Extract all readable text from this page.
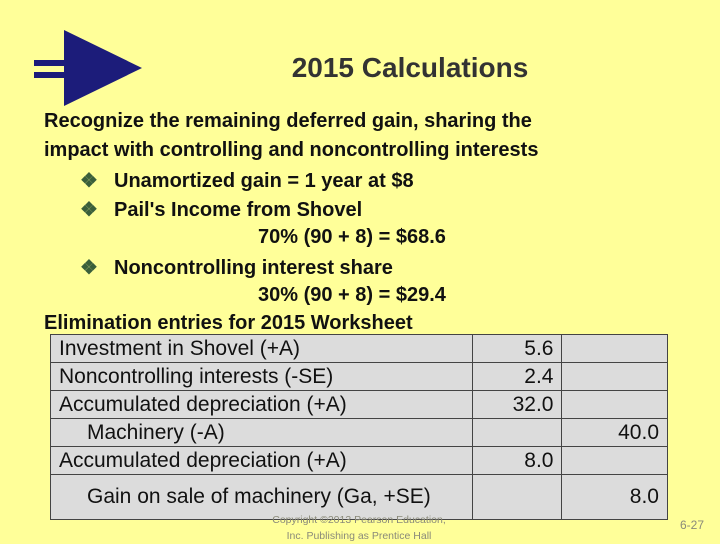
2015 Calculations
Recognize the remaining deferred gain, sharing the
impact with controlling and noncontrolling interests
❖ Unamortized gain = 1 year at $8
❖ Pail's Income from Shovel
70% (90 + 8) = $68.6
❖ Noncontrolling interest share
30% (90 + 8) = $29.4
Elimination entries for 2015 Worksheet
Investment in Shovel (+A)	5.6	
Noncontrolling interests (-SE)	2.4	
Accumulated depreciation (+A)	32.0	
Machinery (-A)		40.0
Accumulated depreciation (+A)	8.0	
Gain on sale of machinery (Ga, +SE)		8.0
Copyright ©2013 Pearson Education,
Inc. Publishing as Prentice Hall
6-27
